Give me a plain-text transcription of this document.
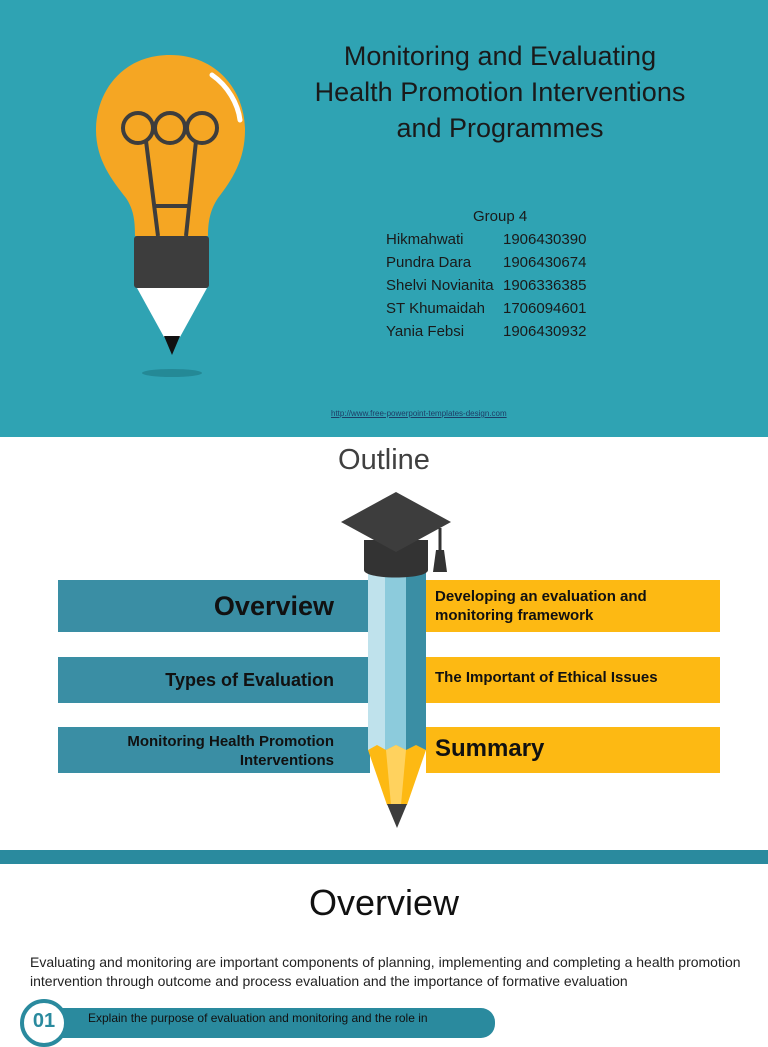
Monitoring and Evaluating
Health Promotion Interventions
and Programmes
Group 4
Hikmahwati	1906430390
Pundra Dara 1906430674
Shelvi Novianita 1906336385
ST Khumaidah 1706094601
Yania Febsi	1906430932
http://www.free-powerpoint-templates-design.com
Outline
Overview
Types of Evaluation
Monitoring Health Promotion Interventions
Developing an evaluation and monitoring framework
The Important of Ethical Issues
Summary
Overview
Evaluating and monitoring are important components of planning, implementing and completing a health promotion intervention through outcome and process evaluation and the importance of formative evaluation
Explain the purpose of evaluation and monitoring and the role in
01
